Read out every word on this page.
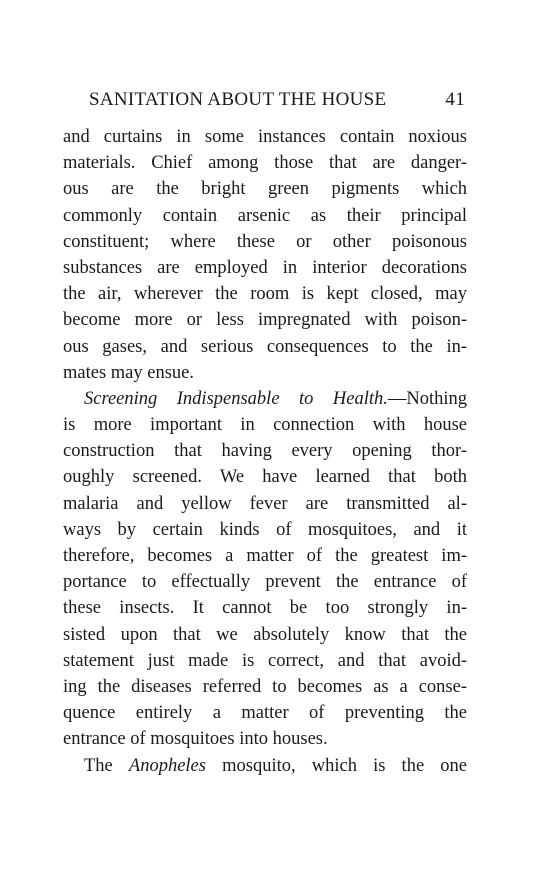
SANITATION ABOUT THE HOUSE	41
and curtains in some instances contain noxious
materials. Chief among those that are danger-
ous are the bright green pigments which
commonly contain arsenic as their principal
constituent; where these or other poisonous
substances are employed in interior decorations
the air, wherever the room is kept closed, may
become more or less impregnated with poison-
ous gases, and serious consequences to the in-
mates may ensue.
Screening Indispensable to Health.—Nothing
is more important in connection with house
construction that having every opening thor-
oughly screened. We have learned that both
malaria and yellow fever are transmitted al-
ways by certain kinds of mosquitoes, and it
therefore, becomes a matter of the greatest im-
portance to effectually prevent the entrance of
these insects. It cannot be too strongly in-
sisted upon that we absolutely know that the
statement just made is correct, and that avoid-
ing the diseases referred to becomes as a conse-
quence entirely a matter of preventing the
entrance of mosquitoes into houses.
The Anopheles mosquito, which is the one
